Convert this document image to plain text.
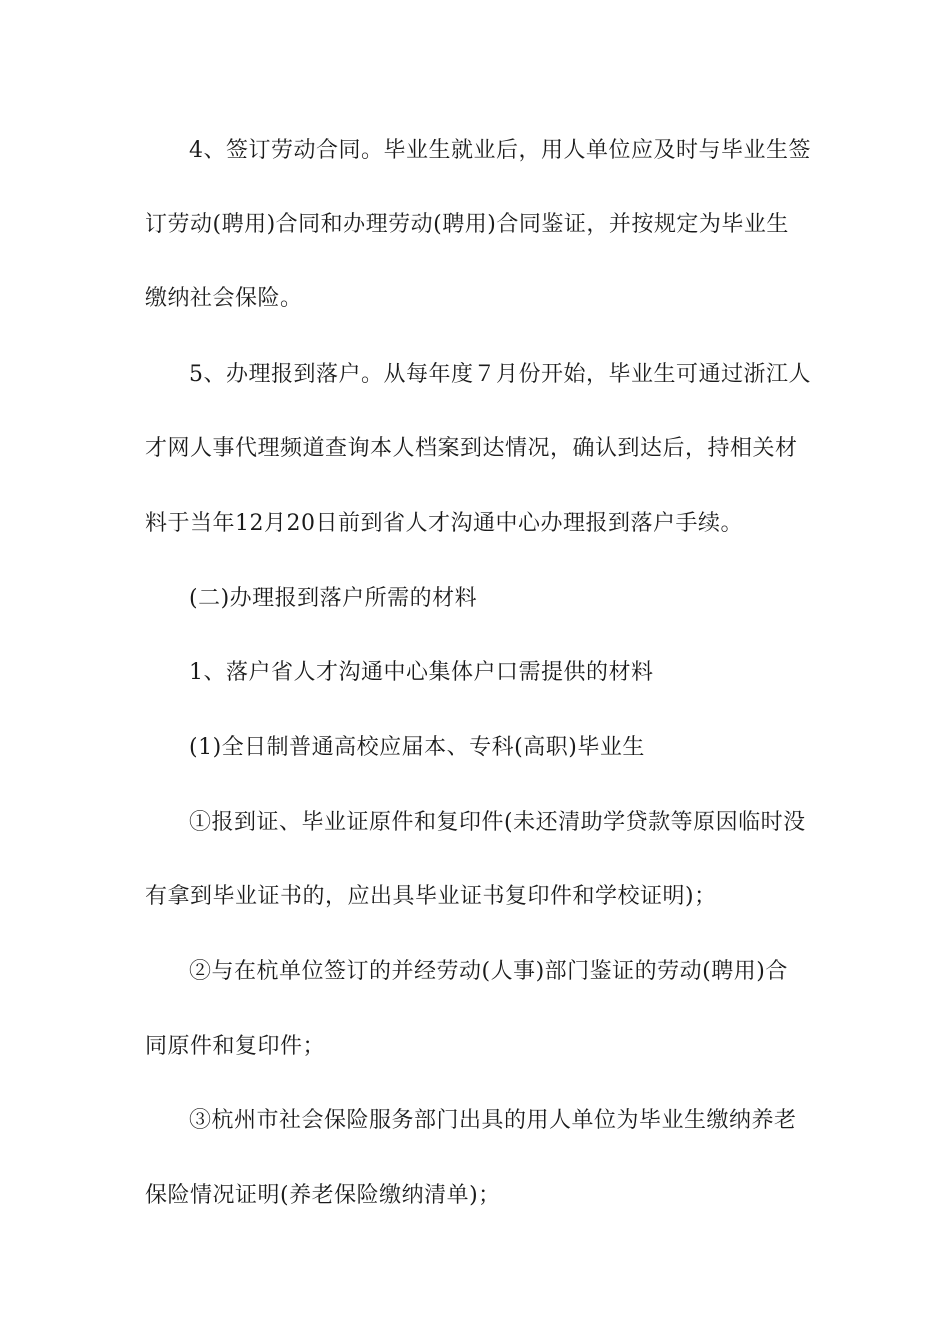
4、签订劳动合同。毕业生就业后，用人单位应及时与毕业生签
订劳动(聘用)合同和办理劳动(聘用)合同鉴证，并按规定为毕业生
缴纳社会保险。
5、办理报到落户。从每年度７月份开始，毕业生可通过浙江人
才网人事代理频道查询本人档案到达情况，确认到达后，持相关材
料于当年12月20日前到省人才沟通中心办理报到落户手续。
(二)办理报到落户所需的材料
1、落户省人才沟通中心集体户口需提供的材料
(1)全日制普通高校应届本、专科(高职)毕业生
①报到证、毕业证原件和复印件(未还清助学贷款等原因临时没
有拿到毕业证书的，应出具毕业证书复印件和学校证明)；
②与在杭单位签订的并经劳动(人事)部门鉴证的劳动(聘用)合
同原件和复印件；
③杭州市社会保险服务部门出具的用人单位为毕业生缴纳养老
保险情况证明(养老保险缴纳清单)；
